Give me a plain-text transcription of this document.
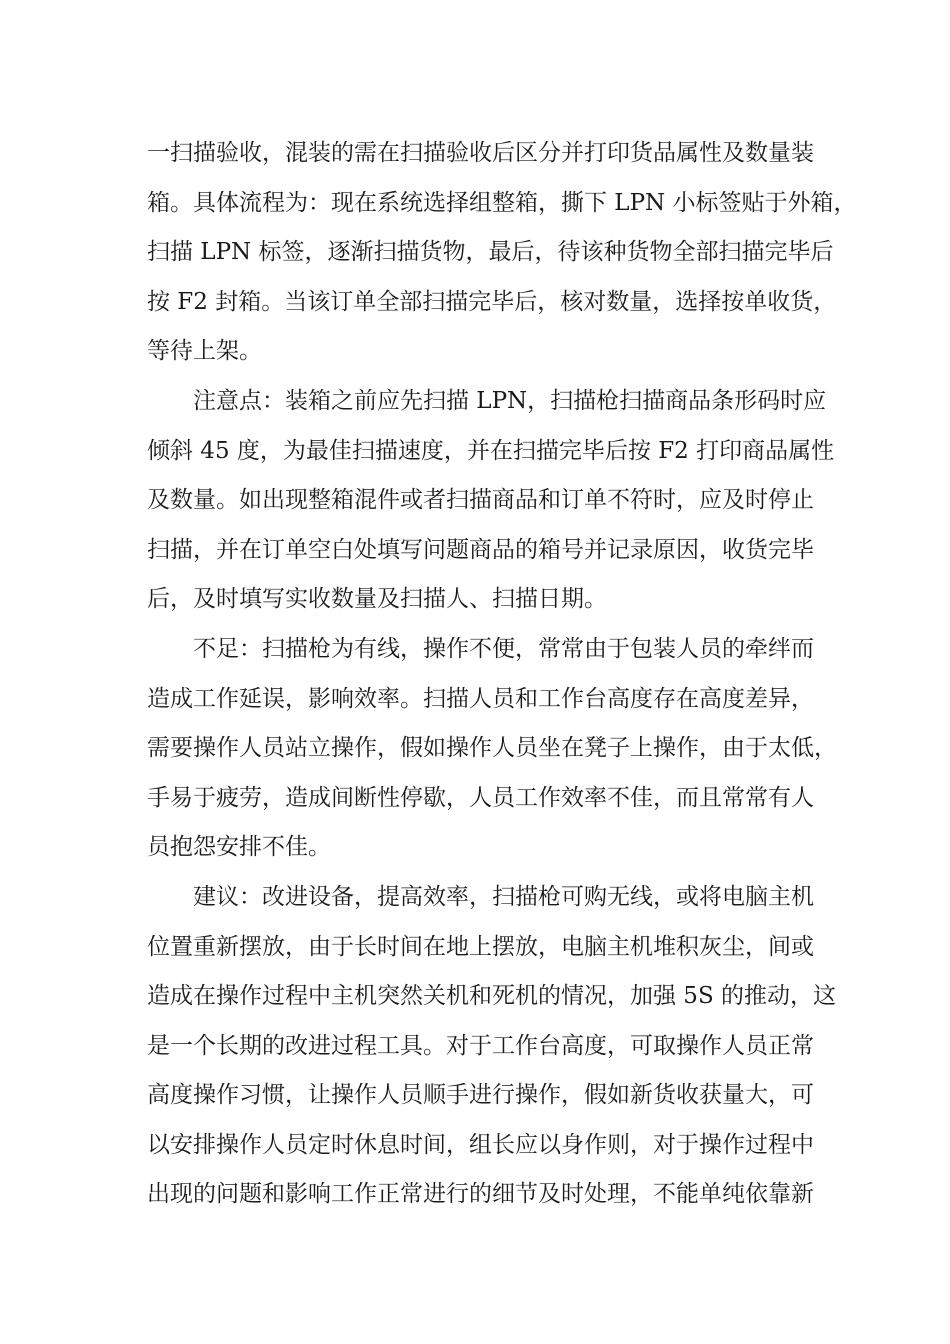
一扫描验收，混装的需在扫描验收后区分并打印货品属性及数量装
箱。具体流程为：现在系统选择组整箱，撕下 LPN 小标签贴于外箱，
扫描 LPN 标签，逐渐扫描货物，最后，待该种货物全部扫描完毕后
按 F2 封箱。当该订单全部扫描完毕后，核对数量，选择按单收货，
等待上架。
注意点：装箱之前应先扫描 LPN，扫描枪扫描商品条形码时应
倾斜 45 度，为最佳扫描速度，并在扫描完毕后按 F2 打印商品属性
及数量。如出现整箱混件或者扫描商品和订单不符时，应及时停止
扫描，并在订单空白处填写问题商品的箱号并记录原因，收货完毕
后，及时填写实收数量及扫描人、扫描日期。
不足：扫描枪为有线，操作不便，常常由于包装人员的牵绊而
造成工作延误，影响效率。扫描人员和工作台高度存在高度差异，
需要操作人员站立操作，假如操作人员坐在凳子上操作，由于太低，
手易于疲劳，造成间断性停歇，人员工作效率不佳，而且常常有人
员抱怨安排不佳。
建议：改进设备，提高效率，扫描枪可购无线，或将电脑主机
位置重新摆放，由于长时间在地上摆放，电脑主机堆积灰尘，间或
造成在操作过程中主机突然关机和死机的情况，加强 5S 的推动，这
是一个长期的改进过程工具。对于工作台高度，可取操作人员正常
高度操作习惯，让操作人员顺手进行操作，假如新货收获量大，可
以安排操作人员定时休息时间，组长应以身作则，对于操作过程中
出现的问题和影响工作正常进行的细节及时处理，不能单纯依靠新
